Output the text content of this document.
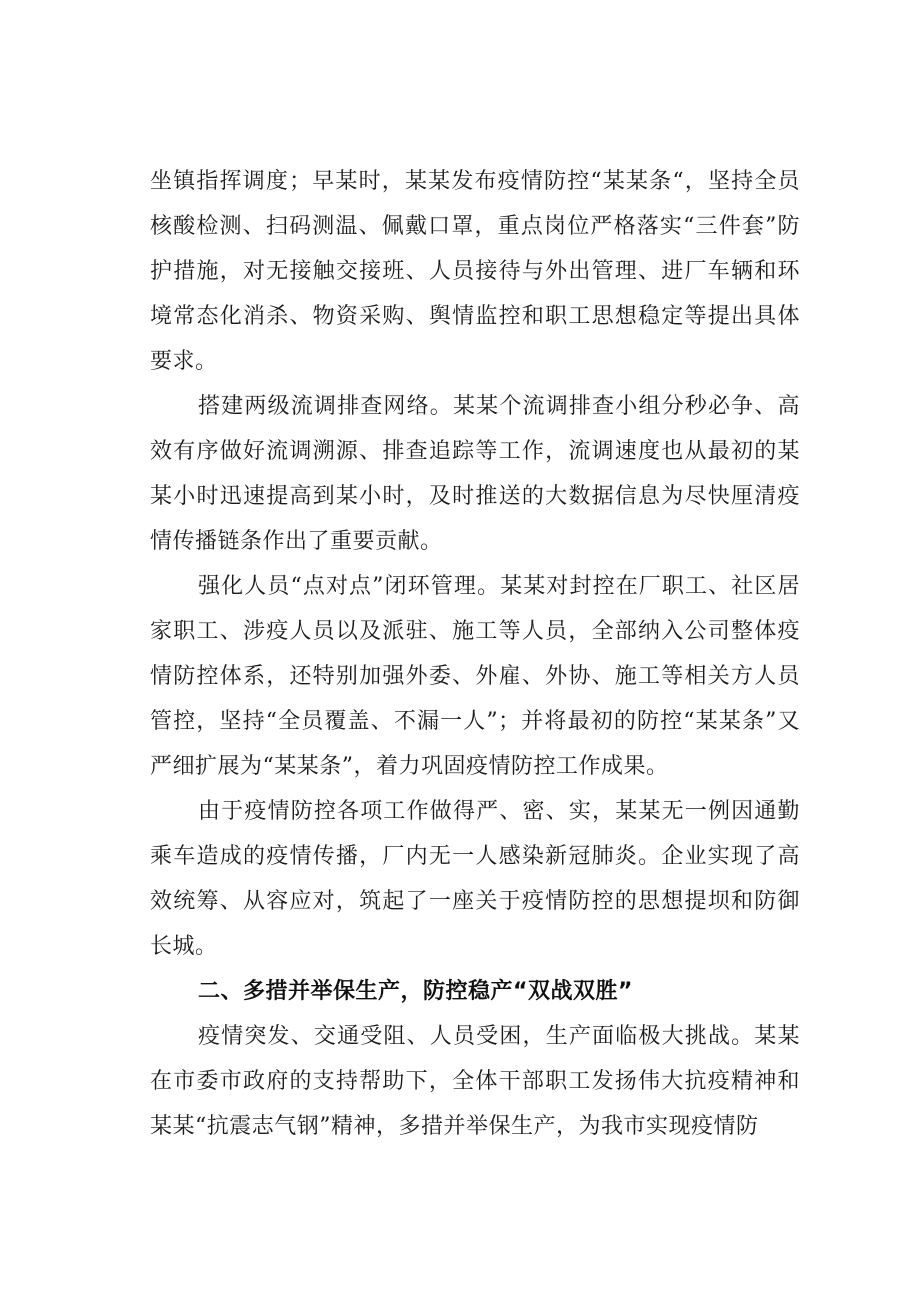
坐镇指挥调度；早某时，某某发布疫情防控“某某条“，坚持全员核酸检测、扫码测温、佩戴口罩，重点岗位严格落实“三件套”防护措施，对无接触交接班、人员接待与外出管理、进厂车辆和环境常态化消杀、物资采购、舆情监控和职工思想稳定等提出具体要求。

搭建两级流调排查网络。某某个流调排查小组分秒必争、高效有序做好流调溯源、排查追踪等工作，流调速度也从最初的某某小时迅速提高到某小时，及时推送的大数据信息为尽快厘清疫情传播链条作出了重要贡献。

强化人员“点对点”闭环管理。某某对封控在厂职工、社区居家职工、涉疫人员以及派驻、施工等人员，全部纳入公司整体疫情防控体系，还特别加强外委、外雇、外协、施工等相关方人员管控，坚持“全员覆盖、不漏一人”；并将最初的防控“某某条”又严细扩展为“某某条”，着力巩固疫情防控工作成果。

由于疫情防控各项工作做得严、密、实，某某无一例因通勤乘车造成的疫情传播，厂内无一人感染新冠肺炎。企业实现了高效统筹、从容应对，筑起了一座关于疫情防控的思想提坝和防御长城。

二、多措并举保生产，防控稳产“双战双胜”

疫情突发、交通受阻、人员受困，生产面临极大挑战。某某在市委市政府的支持帮助下，全体干部职工发扬伟大抗疫精神和某某“抗震志气钢”精神，多措并举保生产，为我市实现疫情防
